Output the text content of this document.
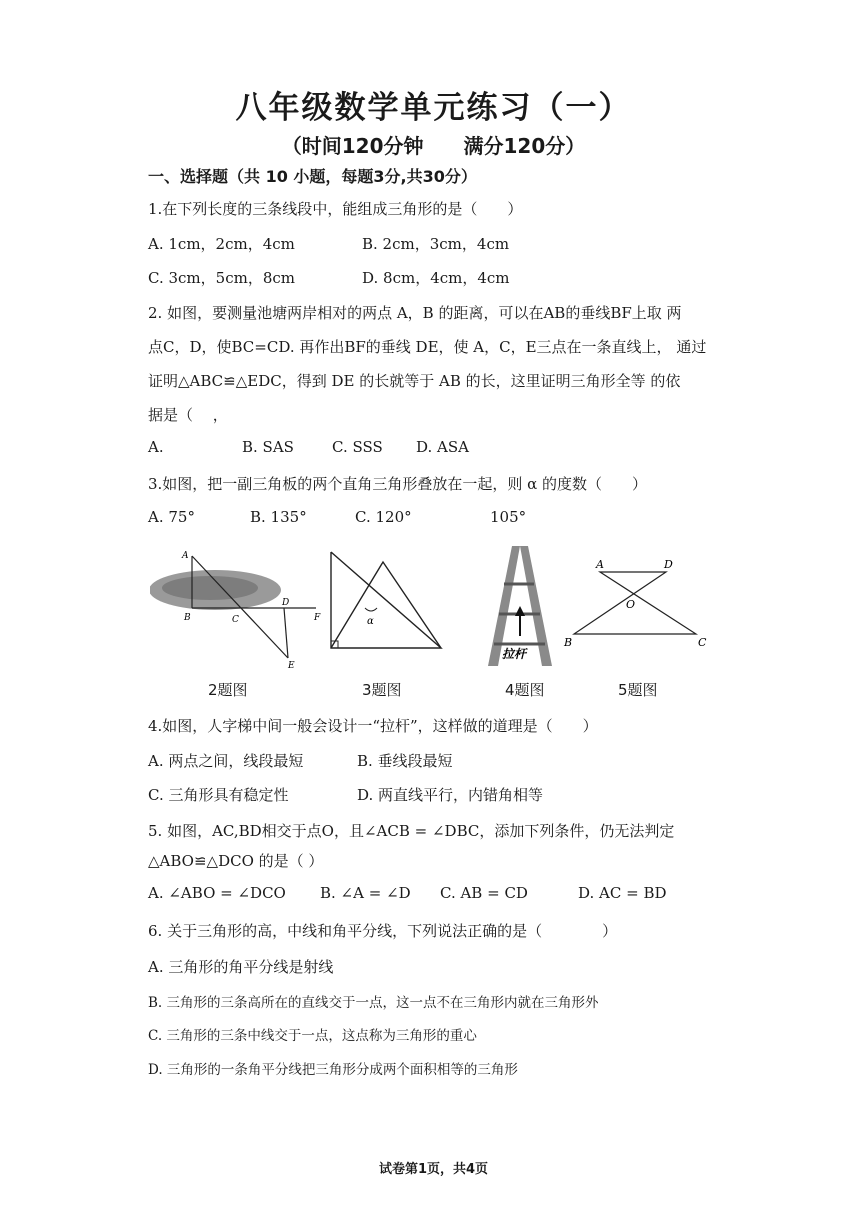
八年级数学单元练习（一）
（时间120分钟 满分120分）
一、选择题（共 10 小题，每题3分,共30分）
1.在下列长度的三条线段中，能组成三角形的是（　　）
A. 1cm，2cm，4cm	B. 2cm，3cm，4cm
C. 3cm，5cm，8cm	D. 8cm，4cm，4cm
2. 如图，要测量池塘两岸相对的两点 A，B 的距离，可以在AB的垂线BF上取 两
点C，D，使BC=CD. 再作出BF的垂线 DE，使 A，C，E三点在一条直线上， 通过
证明△ABC≌△EDC，得到 DE 的长就等于 AB 的长，这里证明三角形全等 的依
据是（　 ，
A.	B. SAS	C. SSS D. ASA
3.如图，把一副三角板的两个直角三角形叠放在一起，则 α 的度数（　　）
A. 75°	B. 135°	C. 120°	105°
A
B	C
D
F
E
α
拉杆
A	D
O
B	C
2题图	3题图	4题图	5题图
4.如图，人字梯中间一般会设计一“拉杆”，这样做的道理是（　　）
A. 两点之间，线段最短	B. 垂线段最短
C. 三角形具有稳定性	D. 两直线平行，内错角相等
5. 如图，AC,BD相交于点O，且∠ACB = ∠DBC，添加下列条件，仍无法判定
△ABO≌△DCO 的是（ ）
A. ∠ABO = ∠DCO B. ∠A = ∠D C. AB = CD	D. AC = BD
6. 关于三角形的高，中线和角平分线，下列说法正确的是（　　　　）
A. 三角形的角平分线是射线
B. 三角形的三条高所在的直线交于一点，这一点不在三角形内就在三角形外
C. 三角形的三条中线交于一点，这点称为三角形的重心
D. 三角形的一条角平分线把三角形分成两个面积相等的三角形
试卷第1页，共4页
